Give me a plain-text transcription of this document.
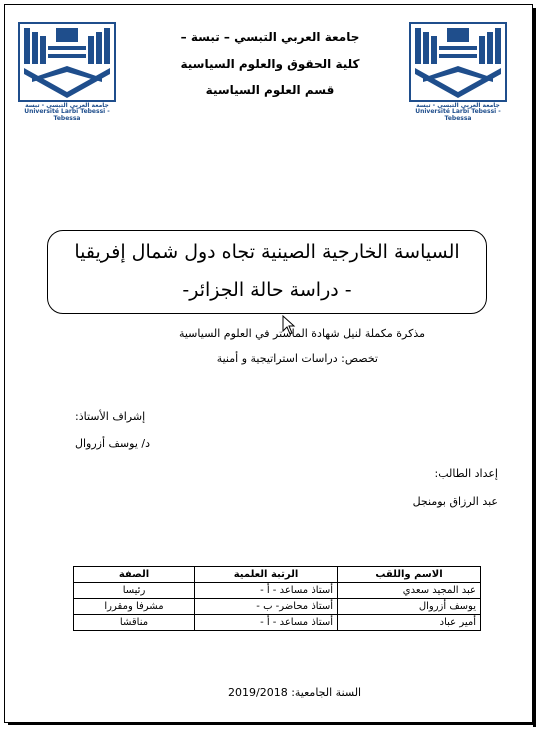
جامعة العربي التبسي - تبسة
Université Larbi Tebessi - Tebessa
جامعة العربي التبسي - تبسة
Université Larbi Tebessi - Tebessa
جامعة العربي التبسي – تبسة –
كلية الحقوق والعلوم السياسية
قسم العلوم السياسية
السياسة الخارجية الصينية تجاه دول شمال إفريقيا
- دراسة حالة الجزائر-
مذكرة مكملة لنيل شهادة الماستر في العلوم السياسية
تخصص: دراسات استراتيجية و أمنية
إشراف الأستاذ:
د/ يوسف أزروال
إعداد الطالب:
عبد الرزاق بومنجل
الاسم واللقب	الرتبة العلمية	الصفة
عبد المجيد سعدي	أستاذ مساعد - أ -	رئيسا
يوسف أزروال	أستاذ محاضر- ب -	مشرفا ومقررا
أمير عباد	أستاذ مساعد - أ -	مناقشا
السنة الجامعية: 2019/2018
